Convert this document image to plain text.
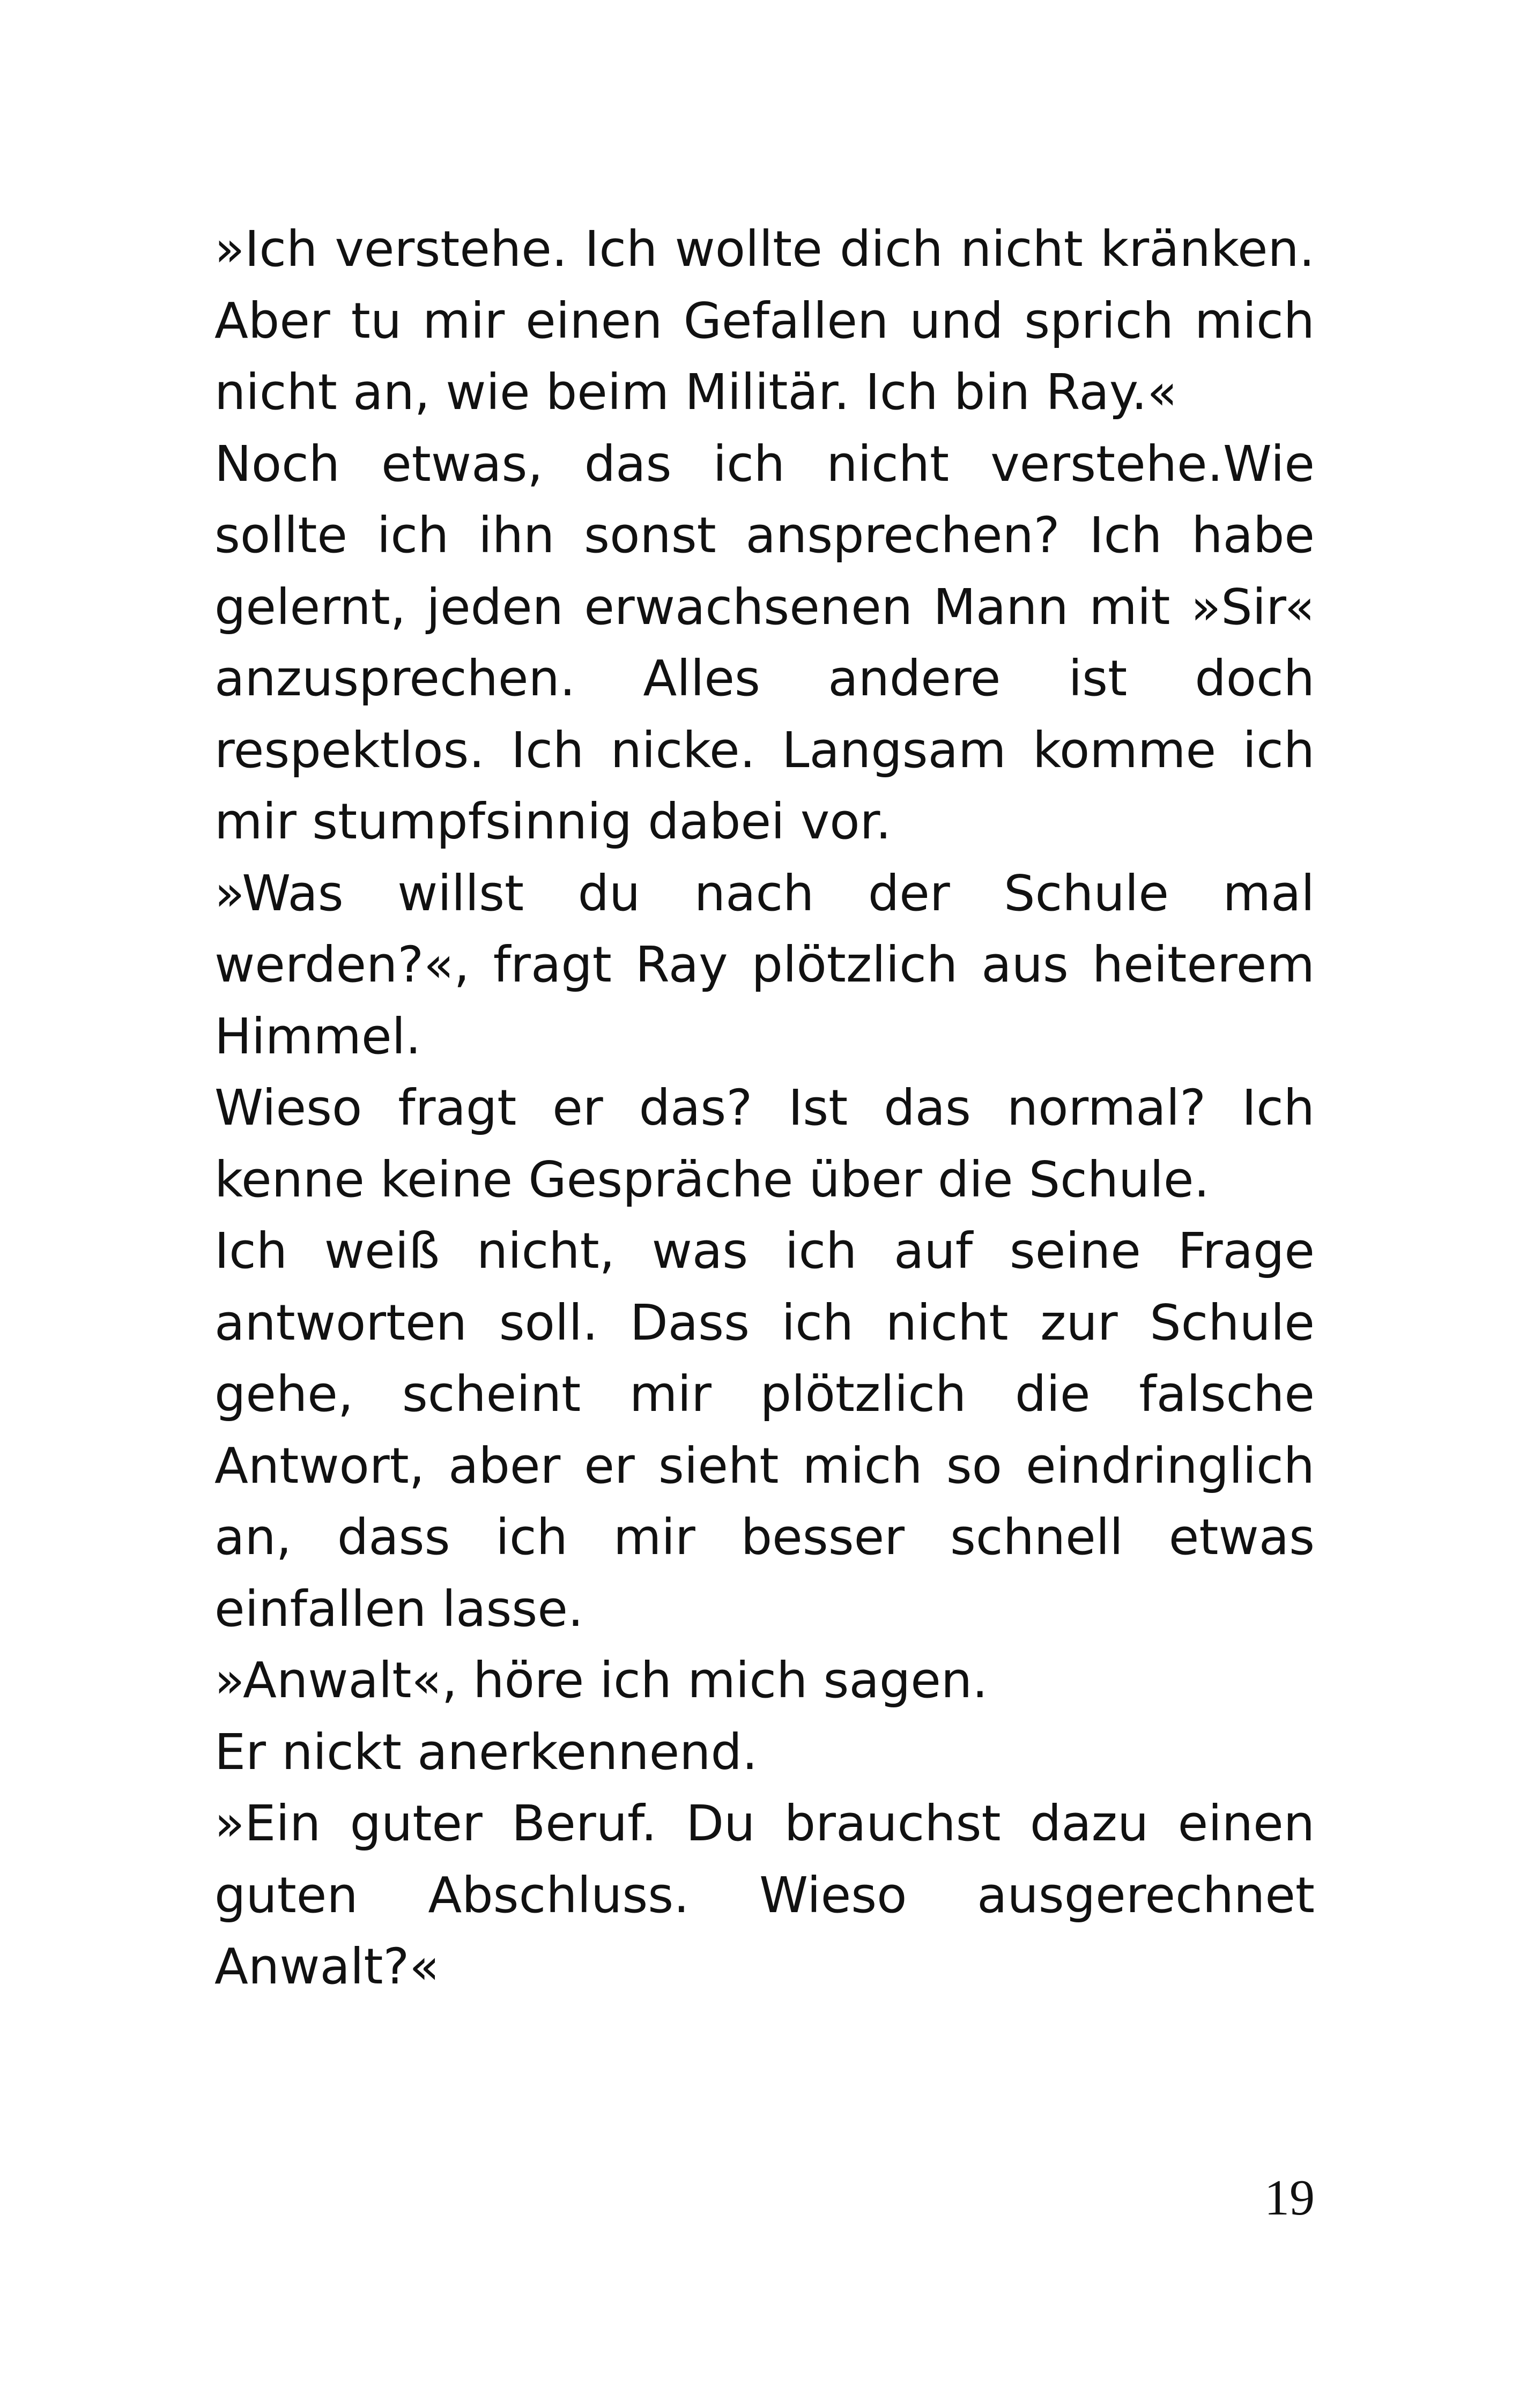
»Ich verstehe. Ich wollte dich nicht kränken. Aber tu mir einen Gefallen und sprich mich nicht an, wie beim Militär. Ich bin Ray.«

Noch etwas, das ich nicht verstehe.Wie sollte ich ihn sonst ansprechen? Ich habe gelernt, jeden erwachsenen Mann mit »Sir« anzusprechen. Alles andere ist doch respektlos. Ich nicke. Langsam komme ich mir stumpfsinnig dabei vor.

»Was willst du nach der Schule mal werden?«, fragt Ray plötzlich aus heiterem Himmel.

Wieso fragt er das? Ist das normal? Ich kenne keine Gespräche über die Schule.

Ich weiß nicht, was ich auf seine Frage antworten soll. Dass ich nicht zur Schule gehe, scheint mir plötzlich die falsche Antwort, aber er sieht mich so eindringlich an, dass ich mir besser schnell etwas einfallen lasse.

»Anwalt«, höre ich mich sagen.

Er nickt anerkennend.

»Ein guter Beruf. Du brauchst dazu einen guten Abschluss. Wieso ausgerechnet Anwalt?«

19
